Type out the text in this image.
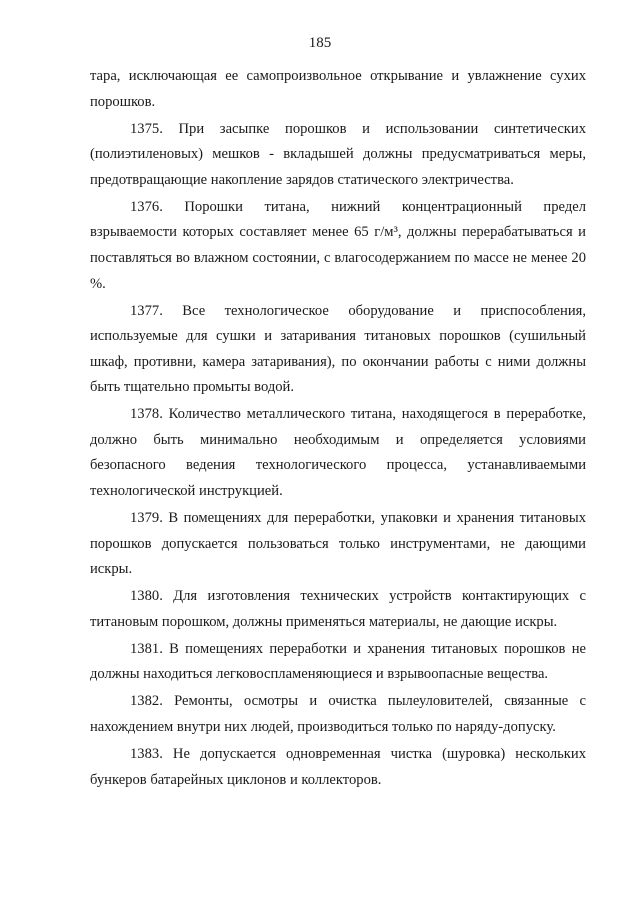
185

тара, исключающая ее самопроизвольное открывание и увлажнение сухих порошков.

1375. При засыпке порошков и использовании синтетических (полиэтиленовых) мешков - вкладышей должны предусматриваться меры, предотвращающие накопление зарядов статического электричества.

1376. Порошки титана, нижний концентрационный предел взрываемости которых составляет менее 65 г/м³, должны перерабатываться и поставляться во влажном состоянии, с влагосодержанием по массе не менее 20 %.

1377. Все технологическое оборудование и приспособления, используемые для сушки и затаривания титановых порошков (сушильный шкаф, противни, камера затаривания), по окончании работы с ними должны быть тщательно промыты водой.

1378. Количество металлического титана, находящегося в переработке, должно быть минимально необходимым и определяется условиями безопасного ведения технологического процесса, устанавливаемыми технологической инструкцией.

1379. В помещениях для переработки, упаковки и хранения титановых порошков допускается пользоваться только инструментами, не дающими искры.

1380. Для изготовления технических устройств контактирующих с титановым порошком, должны применяться материалы, не дающие искры.

1381. В помещениях переработки и хранения титановых порошков не должны находиться легковоспламеняющиеся и взрывоопасные вещества.

1382. Ремонты, осмотры и очистка пылеуловителей, связанные с нахождением внутри них людей, производиться только по наряду-допуску.

1383. Не допускается одновременная чистка (шуровка) нескольких бункеров батарейных циклонов и коллекторов.
